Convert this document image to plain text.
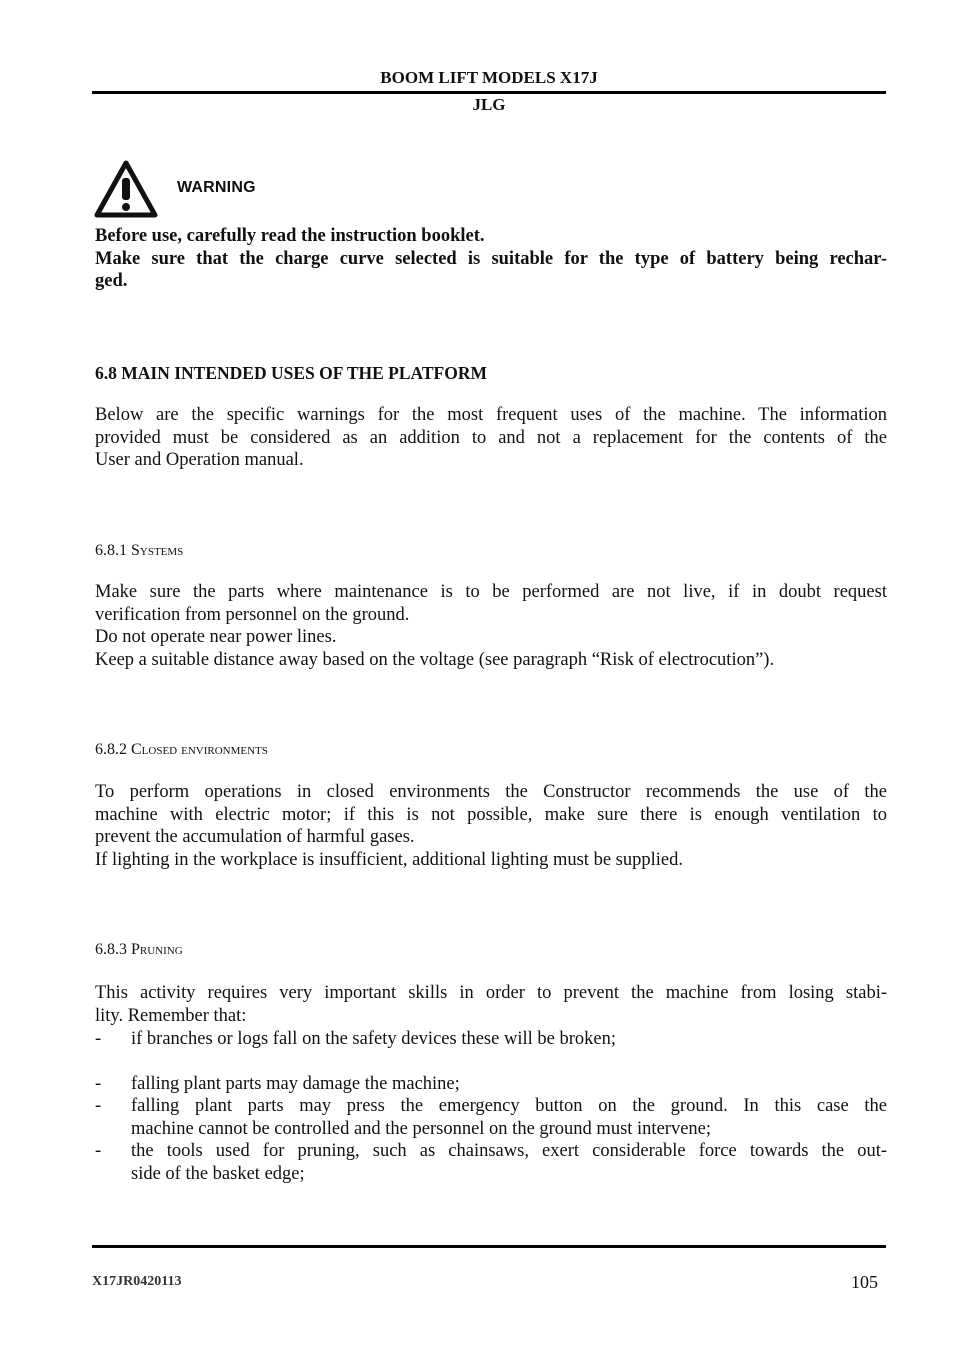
BOOM LIFT MODELS X17J
JLG
WARNING
Before use, carefully read the instruction booklet.
Make sure that the charge curve selected is suitable for the type of battery being rechar-
ged.
6.8 MAIN INTENDED USES OF THE PLATFORM
Below are the specific warnings for the most frequent uses of the machine. The information
provided must be considered as an addition to and not a replacement for the contents of the
User and Operation manual.
6.8.1 Systems
Make sure the parts where maintenance is to be performed are not live, if in doubt request
verification from personnel on the ground.
Do not operate near power lines.
Keep a suitable distance away based on the voltage (see paragraph “Risk of electrocution”).
6.8.2 Closed environments
To perform operations in closed environments the Constructor recommends the use of the
machine with electric motor; if this is not possible, make sure there is enough ventilation to
prevent the accumulation of harmful gases.
If lighting in the workplace is insufficient, additional lighting must be supplied.
6.8.3 Pruning
This activity requires very important skills in order to prevent the machine from losing stabi-
lity. Remember that:
- if branches or logs fall on the safety devices these will be broken;
- falling plant parts may damage the machine;
- falling plant parts may press the emergency button on the ground. In this case the
machine cannot be controlled and the personnel on the ground must intervene;
- the tools used for pruning, such as chainsaws, exert considerable force towards the out-
side of the basket edge;
X17JR0420113	105
